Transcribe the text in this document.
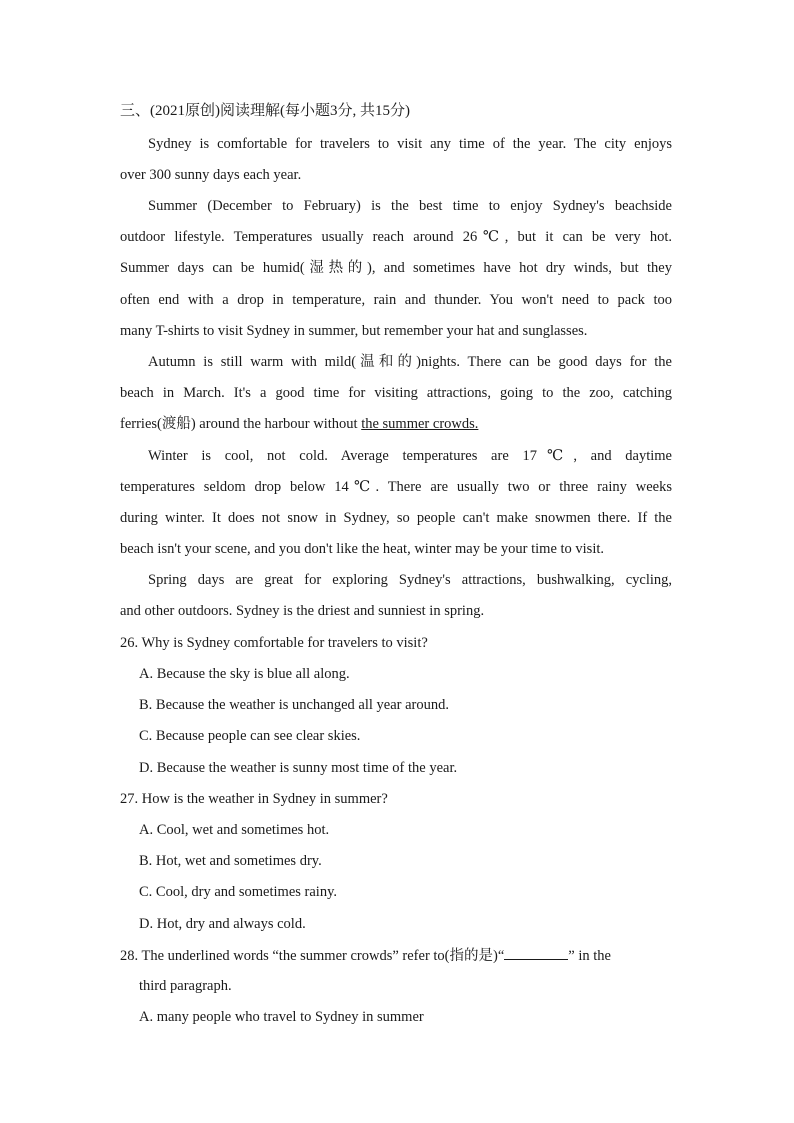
三、(2021原创)阅读理解(每小题3分, 共15分)
Sydney is comfortable for travelers to visit any time of the year. The city enjoys
over 300 sunny days each year.
Summer (December to February) is the best time to enjoy Sydney's beachside
outdoor lifestyle. Temperatures usually reach around 26℃, but it can be very hot.
Summer days can be humid(湿热的), and sometimes have hot dry winds, but they
often end with a drop in temperature, rain and thunder. You won't need to pack too
many T-shirts to visit Sydney in summer, but remember your hat and sunglasses.
Autumn is still warm with mild(温和的)nights. There can be good days for the
beach in March. It's a good time for visiting attractions, going to the zoo, catching
ferries(渡船) around the harbour without the summer crowds.
Winter is cool, not cold. Average temperatures are 17℃, and daytime
temperatures seldom drop below 14℃. There are usually two or three rainy weeks
during winter. It does not snow in Sydney, so people can't make snowmen there. If the
beach isn't your scene, and you don't like the heat, winter may be your time to visit.
Spring days are great for exploring Sydney's attractions, bushwalking, cycling,
and other outdoors. Sydney is the driest and sunniest in spring.
26. Why is Sydney comfortable for travelers to visit?
A. Because the sky is blue all along.
B. Because the weather is unchanged all year around.
C. Because people can see clear skies.
D. Because the weather is sunny most time of the year.
27. How is the weather in Sydney in summer?
A. Cool, wet and sometimes hot.
B. Hot, wet and sometimes dry.
C. Cool, dry and sometimes rainy.
D. Hot, dry and always cold.
28. The underlined words “the summer crowds” refer to(指的是)“	” in the
third paragraph.
A. many people who travel to Sydney in summer
